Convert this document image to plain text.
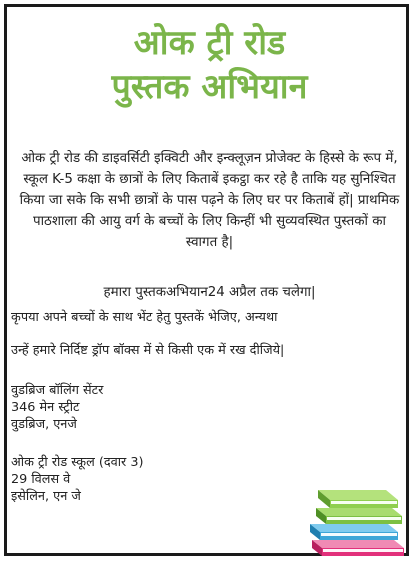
ओक ट्री रोड
पुस्तक अभियान
ओक ट्री रोड की डाइवर्सिटी इक्विटी और इन्क्लूज़न प्रोजेक्ट के हिस्से के रूप में, स्कूल K-5 कक्षा के छात्रों के लिए किताबें इकट्ठा कर रहे है ताकि यह सुनिश्चित किया जा सके कि सभी छात्रों के पास पढ़ने के लिए घर पर किताबें हों| प्राथमिक पाठशाला की आयु वर्ग के बच्चों के लिए किन्हीं भी सुव्यवस्थित पुस्तकों का स्वागत है|
हमारा पुस्तकअभियान24 अप्रैल तक चलेगा|
कृपया अपने बच्चों के साथ भेंट हेतु पुस्तकें भेजिए, अन्यथा
उन्हें हमारे निर्दिष्ट ड्रॉप बॉक्स में से किसी एक में रख दीजिये|
वुडब्रिज बॉलिंग सेंटर
346 मेन स्ट्रीट
वुडब्रिज, एनजे
ओक ट्री रोड स्कूल (दवार 3)
29 विलस वे
इसेलिन, एन जे
